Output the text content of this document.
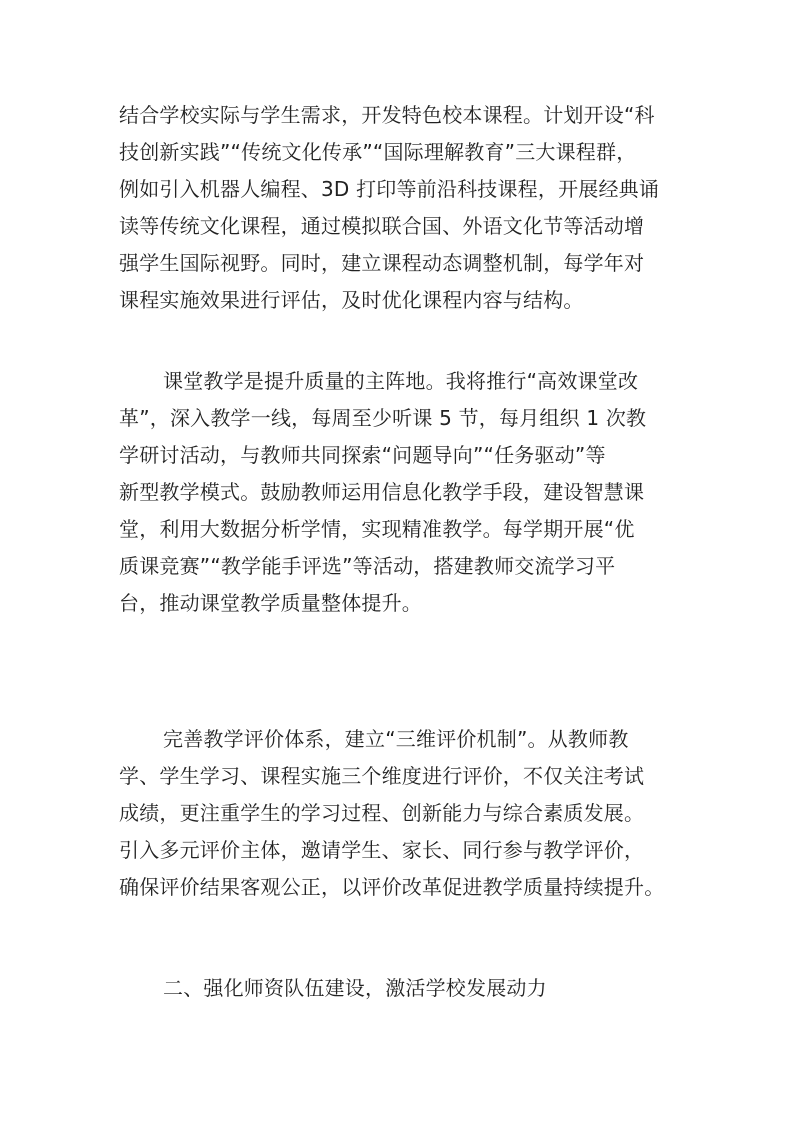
结合学校实际与学生需求，开发特色校本课程。计划开设“科
技创新实践”“传统文化传承”“国际理解教育”三大课程群，
例如引入机器人编程、3D 打印等前沿科技课程，开展经典诵
读等传统文化课程，通过模拟联合国、外语文化节等活动增
强学生国际视野。同时，建立课程动态调整机制，每学年对
课程实施效果进行评估，及时优化课程内容与结构。
课堂教学是提升质量的主阵地。我将推行“高效课堂改
革”，深入教学一线，每周至少听课 5 节，每月组织 1 次教
学研讨活动，与教师共同探索“问题导向”“任务驱动”等
新型教学模式。鼓励教师运用信息化教学手段，建设智慧课
堂，利用大数据分析学情，实现精准教学。每学期开展“优
质课竞赛”“教学能手评选”等活动，搭建教师交流学习平
台，推动课堂教学质量整体提升。
完善教学评价体系，建立“三维评价机制”。从教师教
学、学生学习、课程实施三个维度进行评价，不仅关注考试
成绩，更注重学生的学习过程、创新能力与综合素质发展。
引入多元评价主体，邀请学生、家长、同行参与教学评价，
确保评价结果客观公正，以评价改革促进教学质量持续提升。
二、强化师资队伍建设，激活学校发展动力
